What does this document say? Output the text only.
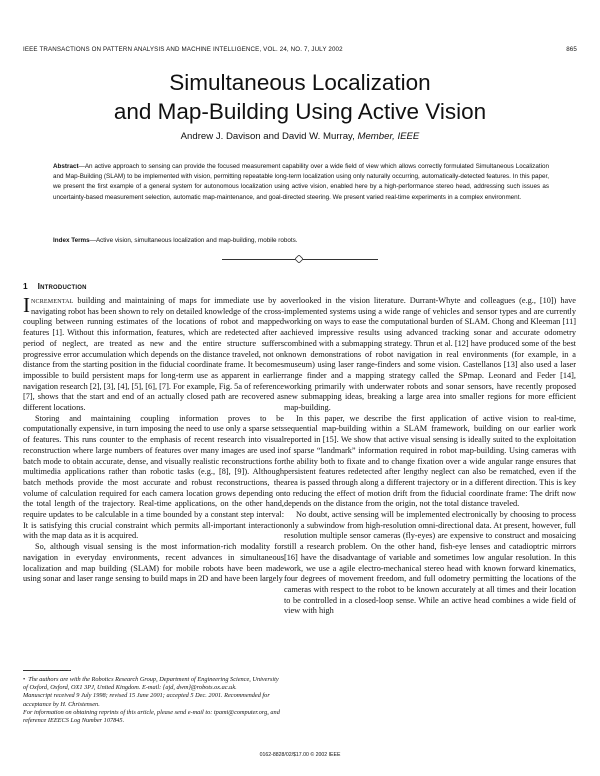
IEEE TRANSACTIONS ON PATTERN ANALYSIS AND MACHINE INTELLIGENCE, VOL. 24, NO. 7, JULY 2002	865
Simultaneous Localization
and Map-Building Using Active Vision
Andrew J. Davison and David W. Murray, Member, IEEE
Abstract—An active approach to sensing can provide the focused measurement capability over a wide field of view which allows correctly formulated Simultaneous Localization and Map-Building (SLAM) to be implemented with vision, permitting repeatable long-term localization using only naturally occurring, automatically-detected features. In this paper, we present the first example of a general system for autonomous localization using active vision, enabled here by a high-performance stereo head, addressing such issues as uncertainty-based measurement selection, automatic map-maintenance, and goal-directed steering. We present varied real-time experiments in a complex environment.
Index Terms—Active vision, simultaneous localization and map-building, mobile robots.
1 Introduction

Incremental building and maintaining of maps for immediate use by a navigating robot has been shown to rely on detailed knowledge of the cross-coupling between running estimates of the locations of robot and mapped features [1]. Without this information, features, which are redetected after a period of neglect, are treated as new and the entire structure suffers progressive error accumulation which depends on the distance traveled, not on distance from the starting position in the fiducial coordinate frame. It becomes impossible to build persistent maps for long-term use as apparent in earlier navigation research [2], [3], [4], [5], [6], [7]. For example, Fig. 5a of reference [7], shows that the start and end of an actually closed path are recovered as different locations.

Storing and maintaining coupling information proves to be computationally expensive, in turn imposing the need to use only a sparse sets of features. This runs counter to the emphasis of recent research into visual reconstruction where large numbers of features over many images are used in batch mode to obtain accurate, dense, and visually realistic reconstructions for multimedia applications rather than robotic tasks (e.g., [8], [9]). Although batch methods provide the most accurate and robust reconstructions, the volume of calculation required for each camera location grows depending on the total length of the trajectory. Real-time applications, on the other hand, require updates to be calculable in a time bounded by a constant step interval: It is satisfying this crucial constraint which permits all-important interaction with the map data as it is acquired.

So, although visual sensing is the most information-rich modality for navigation in everyday environments, recent advances in simultaneous localization and map building (SLAM) for mobile robots have been made using sonar and laser range sensing to build maps in 2D and have been largely

overlooked in the vision literature. Durrant-Whyte and colleagues (e.g., [10]) have implemented systems using a wide range of vehicles and sensor types and are currently working on ways to ease the computational burden of SLAM. Chong and Kleeman [11] achieved impressive results using advanced tracking sonar and accurate odometry combined with a submapping strategy. Thrun et al. [12] have produced some of the best known demonstrations of robot navigation in real environments (for example, in a museum) using laser range-finders and some vision. Castellanos [13] also used a laser range finder and a mapping strategy called the SPmap. Leonard and Feder [14], working primarily with underwater robots and sonar sensors, have recently proposed new submapping ideas, breaking a large area into smaller regions for more efficient map-building.

In this paper, we describe the first application of active vision to real-time, sequential map-building within a SLAM framework, building on our earlier work reported in [15]. We show that active visual sensing is ideally suited to the exploitation of sparse “landmark” information required in robot map-building. Using cameras with the ability both to fixate and to change fixation over a wide angular range ensures that persistent features redetected after lengthy neglect can also be rematched, even if the area is passed through along a different trajectory or in a different direction. This is key to reducing the effect of motion drift from the fiducial coordinate frame: The drift now depends on the distance from the origin, not the total distance traveled.

No doubt, active sensing will be implemented electronically by choosing to process only a subwindow from high-resolution omni-directional data. At present, however, full resolution multiple sensor cameras (fly-eyes) are expensive to construct and mosaicing still a research problem. On the other hand, fish-eye lenses and catadioptric mirrors [16] have the disadvantage of variable and sometimes low angular resolution. In this work, we use a agile electro-mechanical stereo head with known forward kinematics, four degrees of movement freedom, and full odometry permitting the locations of the cameras with respect to the robot to be known accurately at all times and their location to be controlled in a closed-loop sense. While an active head combines a wide field of view with high

• The authors are with the Robotics Research Group, Department of Engineering Science, University of Oxford, Oxford, OX1 3PJ, United Kingdom. E-mail: {ajd, dwm}@robots.ox.ac.uk.

Manuscript received 9 July 1998; revised 15 June 2001; accepted 5 Dec. 2001. Recommended for acceptance by H. Christensen.

For information on obtaining reprints of this article, please send e-mail to: tpami@computer.org, and reference IEEECS Log Number 107845.

0162-8828/02/$17.00 © 2002 IEEE
